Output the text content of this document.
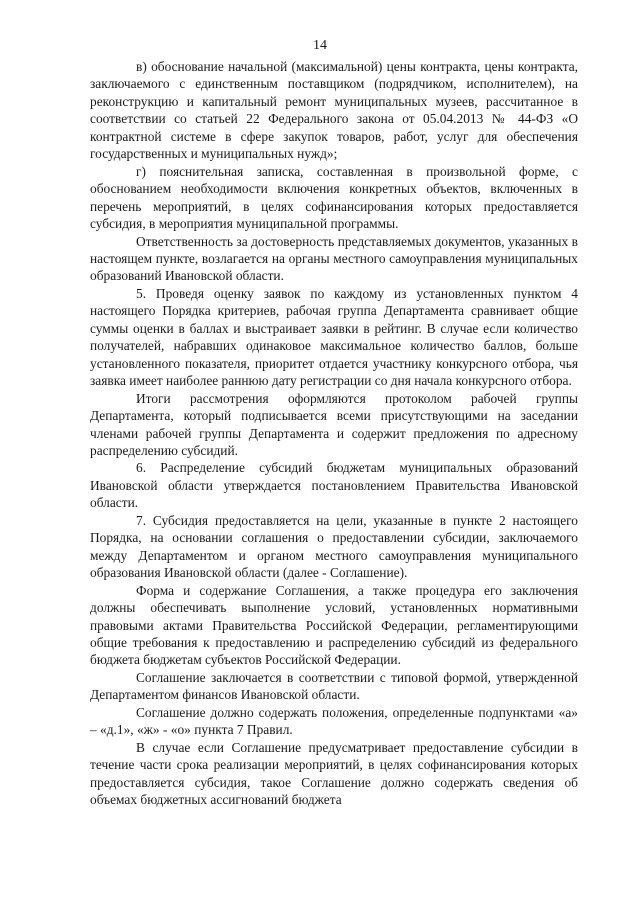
14

в) обоснование начальной (максимальной) цены контракта, цены контракта, заключаемого с единственным поставщиком (подрядчиком, исполнителем), на реконструкцию и капитальный ремонт муниципальных музеев, рассчитанное в соответствии со статьей 22 Федерального закона от 05.04.2013 № 44-ФЗ «О контрактной системе в сфере закупок товаров, работ, услуг для обеспечения государственных и муниципальных нужд»;

г) пояснительная записка, составленная в произвольной форме, с обоснованием необходимости включения конкретных объектов, включенных в перечень мероприятий, в целях софинансирования которых предоставляется субсидия, в мероприятия муниципальной программы.

Ответственность за достоверность представляемых документов, указанных в настоящем пункте, возлагается на органы местного самоуправления муниципальных образований Ивановской области.

5. Проведя оценку заявок по каждому из установленных пунктом 4 настоящего Порядка критериев, рабочая группа Департамента сравнивает общие суммы оценки в баллах и выстраивает заявки в рейтинг. В случае если количество получателей, набравших одинаковое максимальное количество баллов, больше установленного показателя, приоритет отдается участнику конкурсного отбора, чья заявка имеет наиболее раннюю дату регистрации со дня начала конкурсного отбора.

Итоги рассмотрения оформляются протоколом рабочей группы Департамента, который подписывается всеми присутствующими на заседании членами рабочей группы Департамента и содержит предложения по адресному распределению субсидий.

6. Распределение субсидий бюджетам муниципальных образований Ивановской области утверждается постановлением Правительства Ивановской области.

7. Субсидия предоставляется на цели, указанные в пункте 2 настоящего Порядка, на основании соглашения о предоставлении субсидии, заключаемого между Департаментом и органом местного самоуправления муниципального образования Ивановской области (далее - Соглашение).

Форма и содержание Соглашения, а также процедура его заключения должны обеспечивать выполнение условий, установленных нормативными правовыми актами Правительства Российской Федерации, регламентирующими общие требования к предоставлению и распределению субсидий из федерального бюджета бюджетам субъектов Российской Федерации.

Соглашение заключается в соответствии с типовой формой, утвержденной Департаментом финансов Ивановской области.

Соглашение должно содержать положения, определенные подпунктами «а» – «д.1», «ж» - «о» пункта 7 Правил.

В случае если Соглашение предусматривает предоставление субсидии в течение части срока реализации мероприятий, в целях софинансирования которых предоставляется субсидия, такое Соглашение должно содержать сведения об объемах бюджетных ассигнований бюджета
